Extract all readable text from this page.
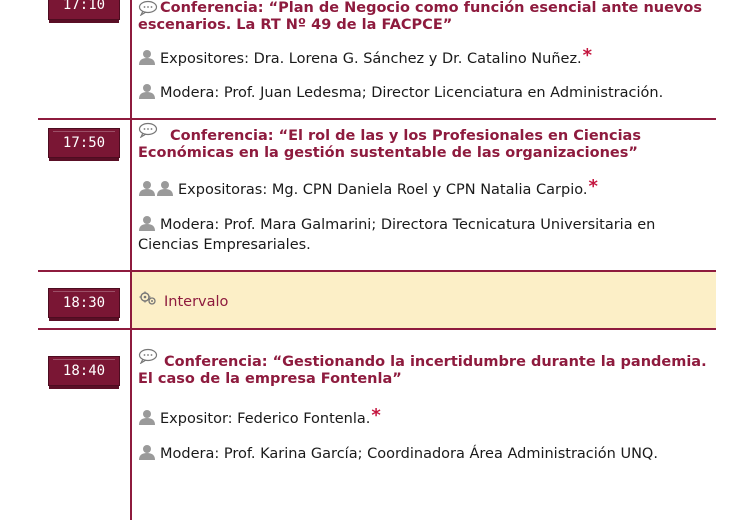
17:10	Conferencia: “Plan de Negocio como función esencial ante nuevos
escenarios. La RT Nº 49 de la FACPCE”
Expositores: Dra. Lorena G. Sánchez y Dr. Catalino Nuñez.*
Modera: Prof. Juan Ledesma; Director Licenciatura en Administración.
17:50	Conferencia: “El rol de las y los Profesionales en Ciencias
Económicas en la gestión sustentable de las organizaciones”
Expositoras: Mg. CPN Daniela Roel y CPN Natalia Carpio.*
Modera: Prof. Mara Galmarini; Directora Tecnicatura Universitaria en
Ciencias Empresariales.
18:30	Intervalo
18:40
Conferencia: “Gestionando la incertidumbre durante la pandemia.
El caso de la empresa Fontenla”
Expositor: Federico Fontenla.*
Modera: Prof. Karina García; Coordinadora Área Administración UNQ.
